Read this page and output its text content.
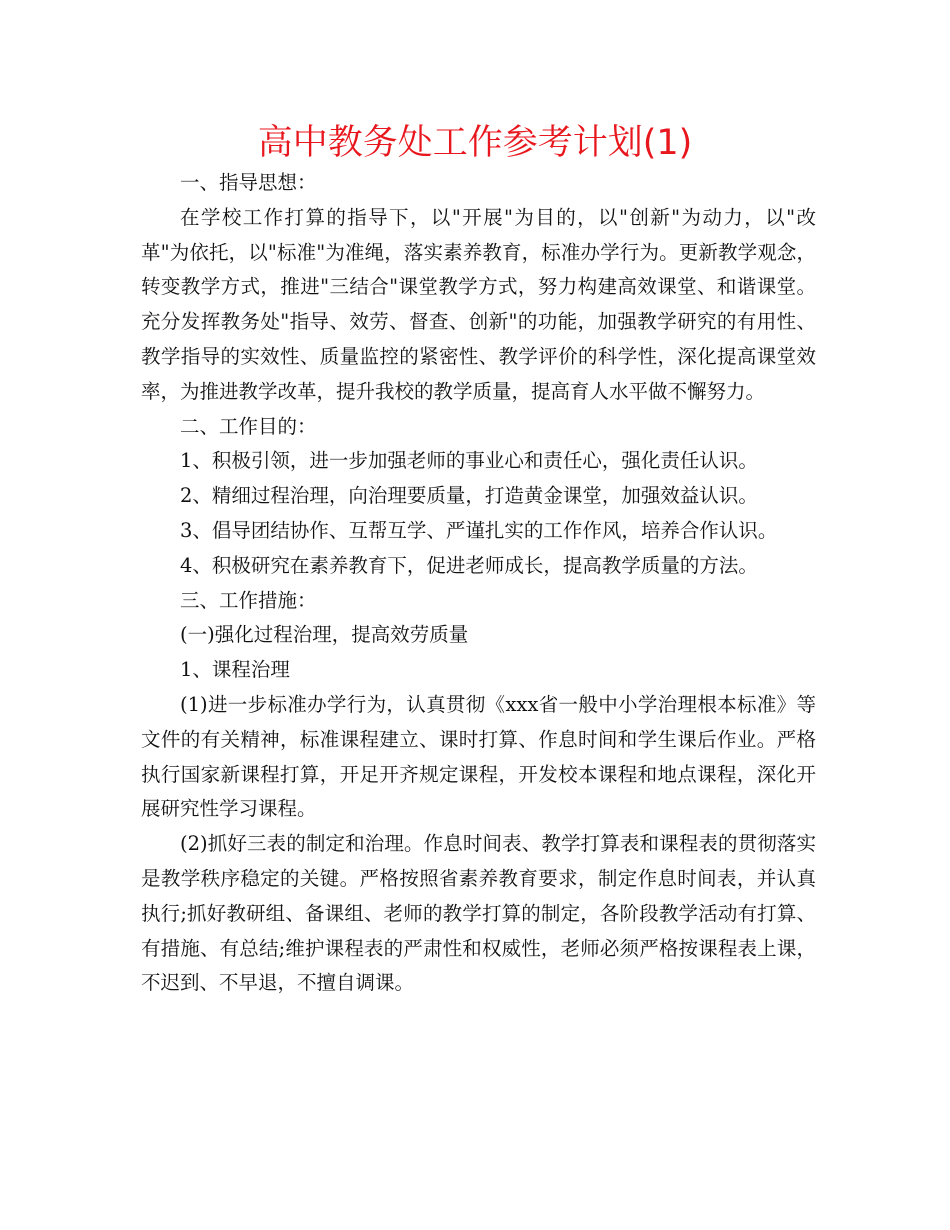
高中教务处工作参考计划(1)

一、指导思想：

在学校工作打算的指导下，以"开展"为目的，以"创新"为动力，以"改革"为依托，以"标准"为准绳，落实素养教育，标准办学行为。更新教学观念，转变教学方式，推进"三结合"课堂教学方式，努力构建高效课堂、和谐课堂。充分发挥教务处"指导、效劳、督查、创新"的功能，加强教学研究的有用性、教学指导的实效性、质量监控的紧密性、教学评价的科学性，深化提高课堂效率，为推进教学改革，提升我校的教学质量，提高育人水平做不懈努力。

二、工作目的：

1、积极引领，进一步加强老师的事业心和责任心，强化责任认识。

2、精细过程治理，向治理要质量，打造黄金课堂，加强效益认识。

3、倡导团结协作、互帮互学、严谨扎实的工作作风，培养合作认识。

4、积极研究在素养教育下，促进老师成长，提高教学质量的方法。

三、工作措施：

(一)强化过程治理，提高效劳质量

1、课程治理

(1)进一步标准办学行为，认真贯彻《xxx省一般中小学治理根本标准》等文件的有关精神，标准课程建立、课时打算、作息时间和学生课后作业。严格执行国家新课程打算，开足开齐规定课程，开发校本课程和地点课程，深化开展研究性学习课程。

(2)抓好三表的制定和治理。作息时间表、教学打算表和课程表的贯彻落实是教学秩序稳定的关键。严格按照省素养教育要求，制定作息时间表，并认真执行;抓好教研组、备课组、老师的教学打算的制定，各阶段教学活动有打算、有措施、有总结;维护课程表的严肃性和权威性，老师必须严格按课程表上课，不迟到、不早退，不擅自调课。
